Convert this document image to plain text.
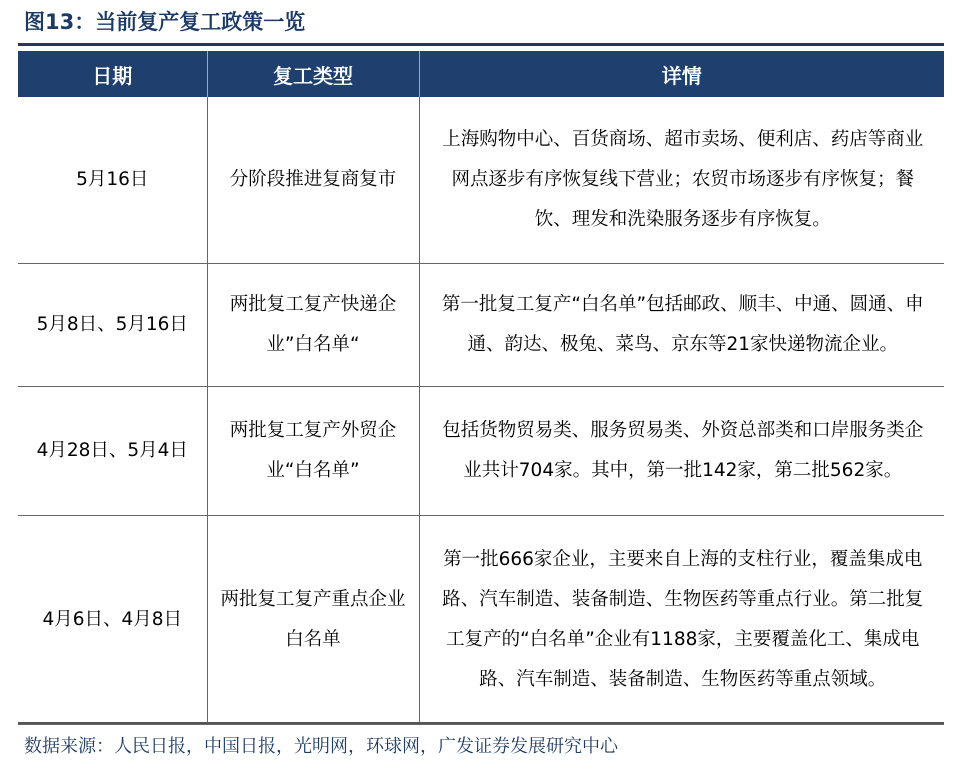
图13：当前复产复工政策一览
日期	复工类型	详情
5月16日	分阶段推进复商复市	上海购物中心、百货商场、超市卖场、便利店、药店等商业网点逐步有序恢复线下营业；农贸市场逐步有序恢复；餐饮、理发和洗染服务逐步有序恢复。
5月8日、5月16日	两批复工复产快递企业”白名单“	第一批复工复产“白名单”包括邮政、顺丰、中通、圆通、申通、韵达、极兔、菜鸟、京东等21家快递物流企业。
4月28日、5月4日	两批复工复产外贸企业“白名单”	包括货物贸易类、服务贸易类、外资总部类和口岸服务类企业共计704家。其中，第一批142家，第二批562家。
4月6日、4月8日	两批复工复产重点企业白名单	第一批666家企业，主要来自上海的支柱行业，覆盖集成电路、汽车制造、装备制造、生物医药等重点行业。第二批复工复产的“白名单”企业有1188家，主要覆盖化工、集成电路、汽车制造、装备制造、生物医药等重点领域。
数据来源：人民日报，中国日报，光明网，环球网，广发证券发展研究中心
